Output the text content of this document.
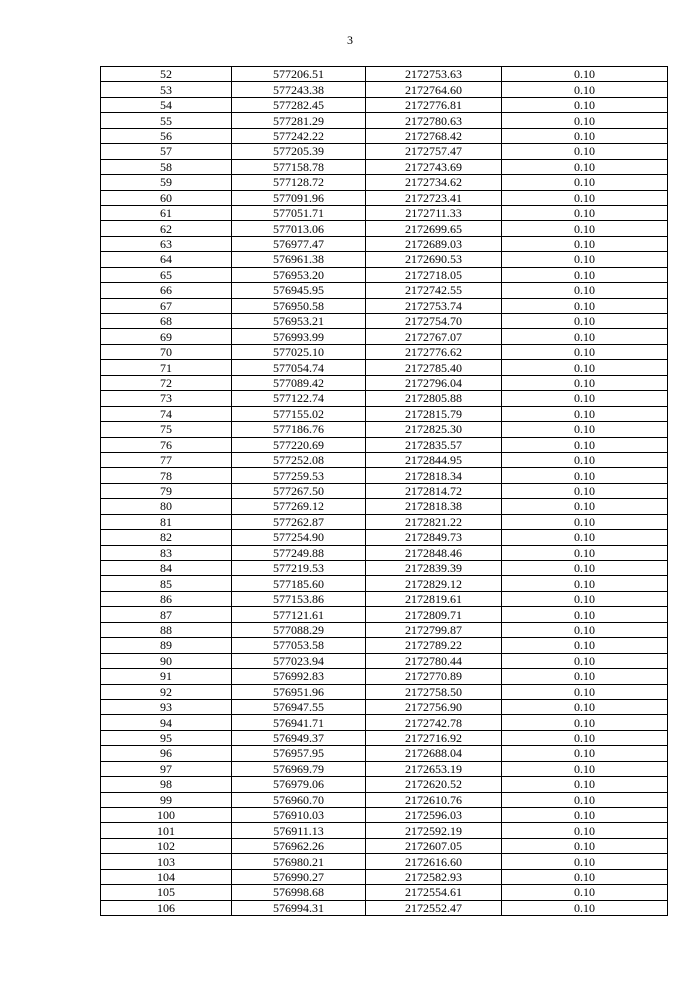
3
52	577206.51	2172753.63	0.10
53	577243.38	2172764.60	0.10
54	577282.45	2172776.81	0.10
55	577281.29	2172780.63	0.10
56	577242.22	2172768.42	0.10
57	577205.39	2172757.47	0.10
58	577158.78	2172743.69	0.10
59	577128.72	2172734.62	0.10
60	577091.96	2172723.41	0.10
61	577051.71	2172711.33	0.10
62	577013.06	2172699.65	0.10
63	576977.47	2172689.03	0.10
64	576961.38	2172690.53	0.10
65	576953.20	2172718.05	0.10
66	576945.95	2172742.55	0.10
67	576950.58	2172753.74	0.10
68	576953.21	2172754.70	0.10
69	576993.99	2172767.07	0.10
70	577025.10	2172776.62	0.10
71	577054.74	2172785.40	0.10
72	577089.42	2172796.04	0.10
73	577122.74	2172805.88	0.10
74	577155.02	2172815.79	0.10
75	577186.76	2172825.30	0.10
76	577220.69	2172835.57	0.10
77	577252.08	2172844.95	0.10
78	577259.53	2172818.34	0.10
79	577267.50	2172814.72	0.10
80	577269.12	2172818.38	0.10
81	577262.87	2172821.22	0.10
82	577254.90	2172849.73	0.10
83	577249.88	2172848.46	0.10
84	577219.53	2172839.39	0.10
85	577185.60	2172829.12	0.10
86	577153.86	2172819.61	0.10
87	577121.61	2172809.71	0.10
88	577088.29	2172799.87	0.10
89	577053.58	2172789.22	0.10
90	577023.94	2172780.44	0.10
91	576992.83	2172770.89	0.10
92	576951.96	2172758.50	0.10
93	576947.55	2172756.90	0.10
94	576941.71	2172742.78	0.10
95	576949.37	2172716.92	0.10
96	576957.95	2172688.04	0.10
97	576969.79	2172653.19	0.10
98	576979.06	2172620.52	0.10
99	576960.70	2172610.76	0.10
100	576910.03	2172596.03	0.10
101	576911.13	2172592.19	0.10
102	576962.26	2172607.05	0.10
103	576980.21	2172616.60	0.10
104	576990.27	2172582.93	0.10
105	576998.68	2172554.61	0.10
106	576994.31	2172552.47	0.10
